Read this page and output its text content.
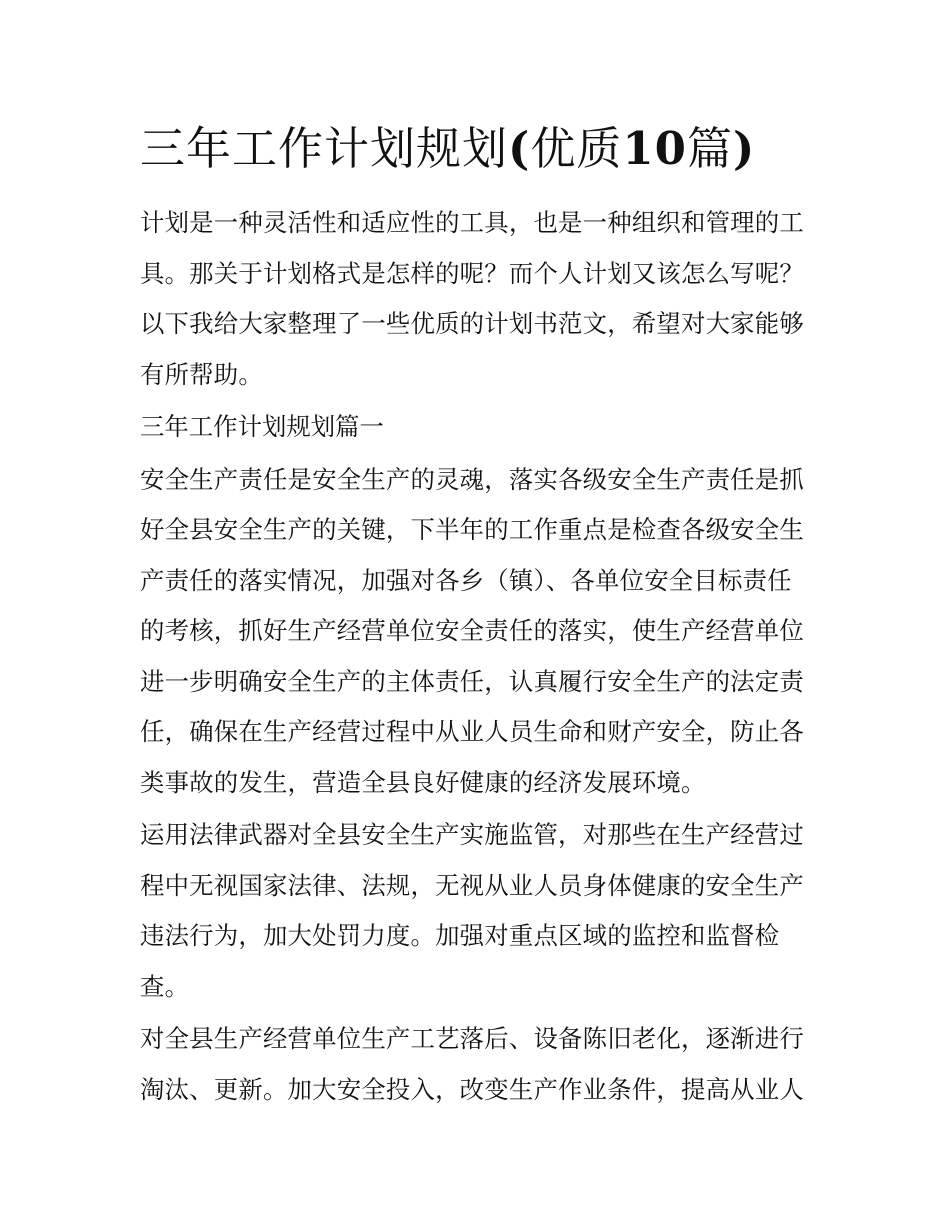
三年工作计划规划(优质10篇)

计划是一种灵活性和适应性的工具，也是一种组织和管理的工具。那关于计划格式是怎样的呢？而个人计划又该怎么写呢？以下我给大家整理了一些优质的计划书范文，希望对大家能够有所帮助。

三年工作计划规划篇一

安全生产责任是安全生产的灵魂，落实各级安全生产责任是抓好全县安全生产的关键，下半年的工作重点是检查各级安全生产责任的落实情况，加强对各乡（镇）、各单位安全目标责任的考核，抓好生产经营单位安全责任的落实，使生产经营单位进一步明确安全生产的主体责任，认真履行安全生产的法定责任，确保在生产经营过程中从业人员生命和财产安全，防止各类事故的发生，营造全县良好健康的经济发展环境。

运用法律武器对全县安全生产实施监管，对那些在生产经营过程中无视国家法律、法规，无视从业人员身体健康的安全生产违法行为，加大处罚力度。加强对重点区域的监控和监督检查。

对全县生产经营单位生产工艺落后、设备陈旧老化，逐渐进行淘汰、更新。加大安全投入，改变生产作业条件，提高从业人
